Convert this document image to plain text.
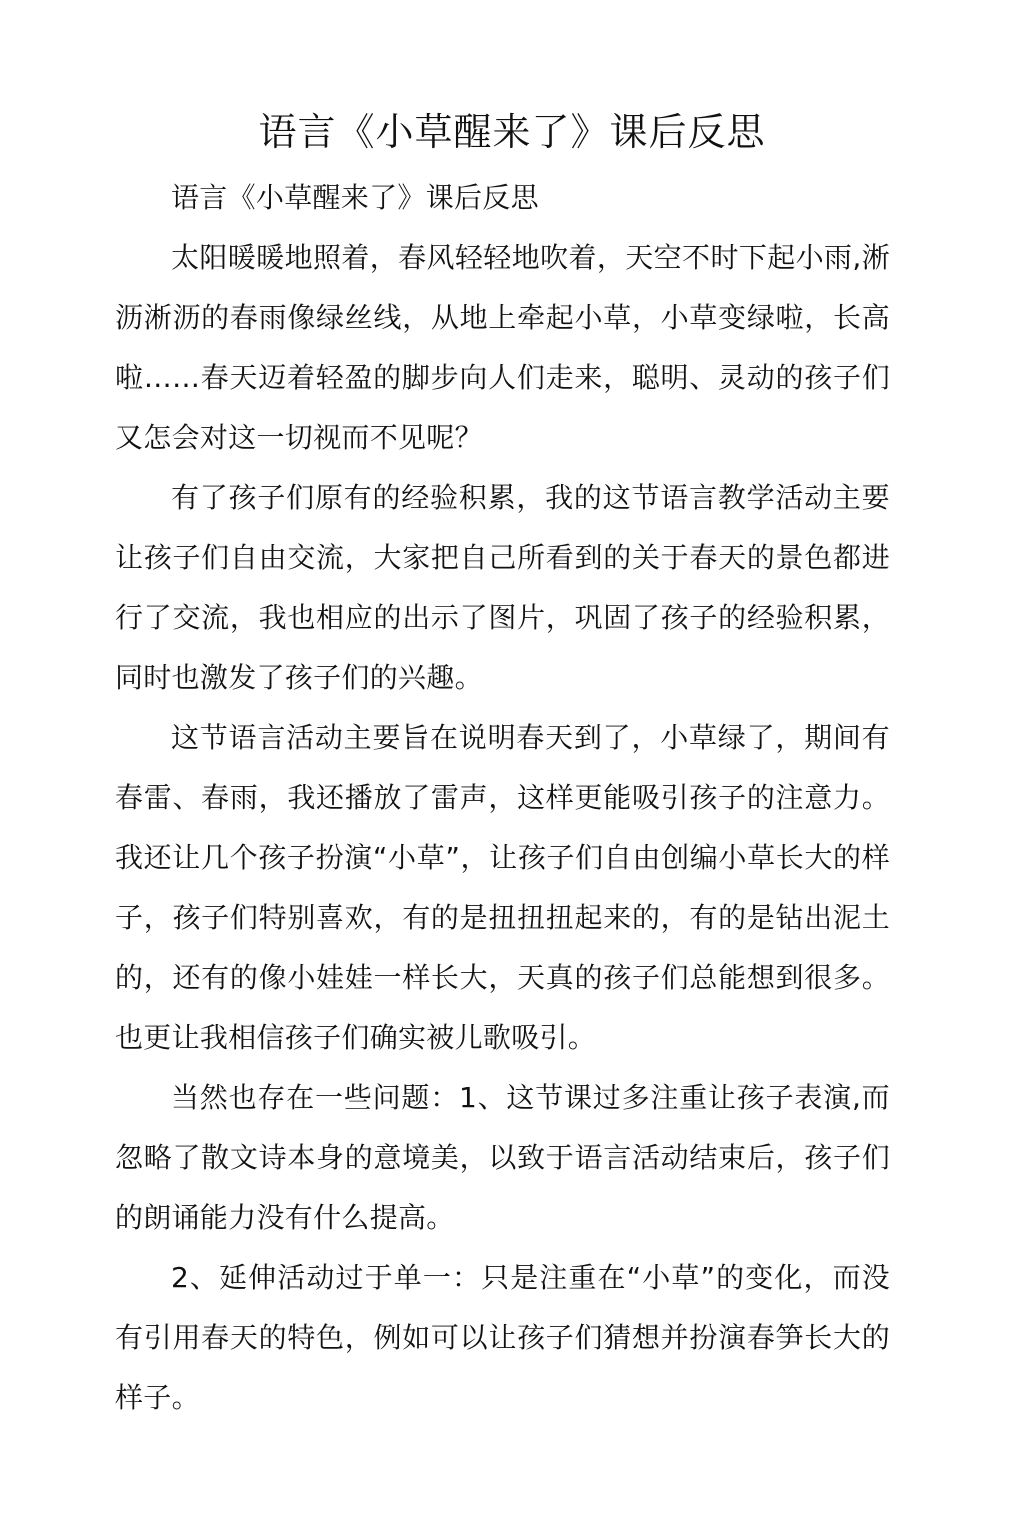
语言《小草醒来了》课后反思

语言《小草醒来了》课后反思

太阳暖暖地照着，春风轻轻地吹着，天空不时下起小雨,淅沥淅沥的春雨像绿丝线，从地上牵起小草，小草变绿啦，长高啦……春天迈着轻盈的脚步向人们走来，聪明、灵动的孩子们又怎会对这一切视而不见呢？

有了孩子们原有的经验积累，我的这节语言教学活动主要让孩子们自由交流，大家把自己所看到的关于春天的景色都进行了交流，我也相应的出示了图片，巩固了孩子的经验积累，同时也激发了孩子们的兴趣。

这节语言活动主要旨在说明春天到了，小草绿了，期间有春雷、春雨，我还播放了雷声，这样更能吸引孩子的注意力。我还让几个孩子扮演“小草”，让孩子们自由创编小草长大的样子，孩子们特别喜欢，有的是扭扭扭起来的，有的是钻出泥土的，还有的像小娃娃一样长大，天真的孩子们总能想到很多。也更让我相信孩子们确实被儿歌吸引。

当然也存在一些问题：1、这节课过多注重让孩子表演,而忽略了散文诗本身的意境美，以致于语言活动结束后，孩子们的朗诵能力没有什么提高。

2、延伸活动过于单一：只是注重在“小草”的变化，而没有引用春天的特色，例如可以让孩子们猜想并扮演春笋长大的样子。
